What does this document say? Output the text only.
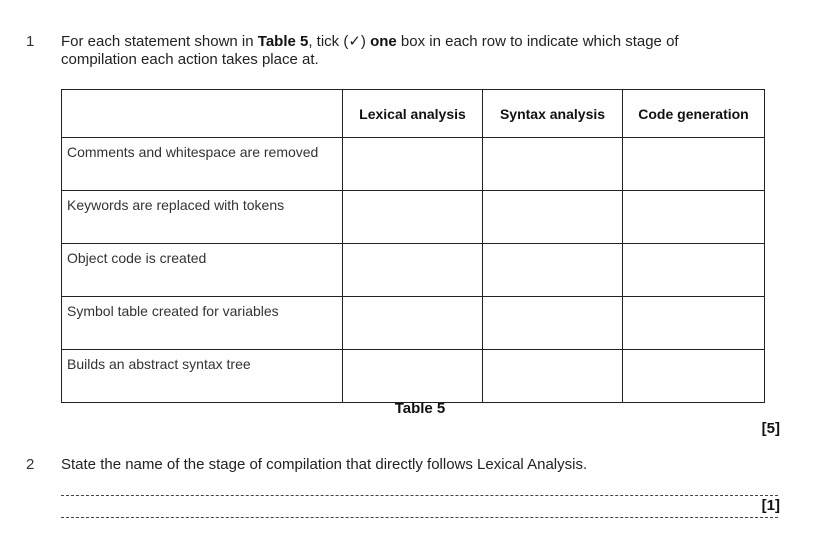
1 For each statement shown in Table 5, tick (✓) one box in each row to indicate which stage of compilation each action takes place at.
	Lexical analysis	Syntax analysis	Code generation
Comments and whitespace are removed			
Keywords are replaced with tokens			
Object code is created			
Symbol table created for variables			
Builds an abstract syntax tree			
Table 5
[5]
2 State the name of the stage of compilation that directly follows Lexical Analysis.
[1]
